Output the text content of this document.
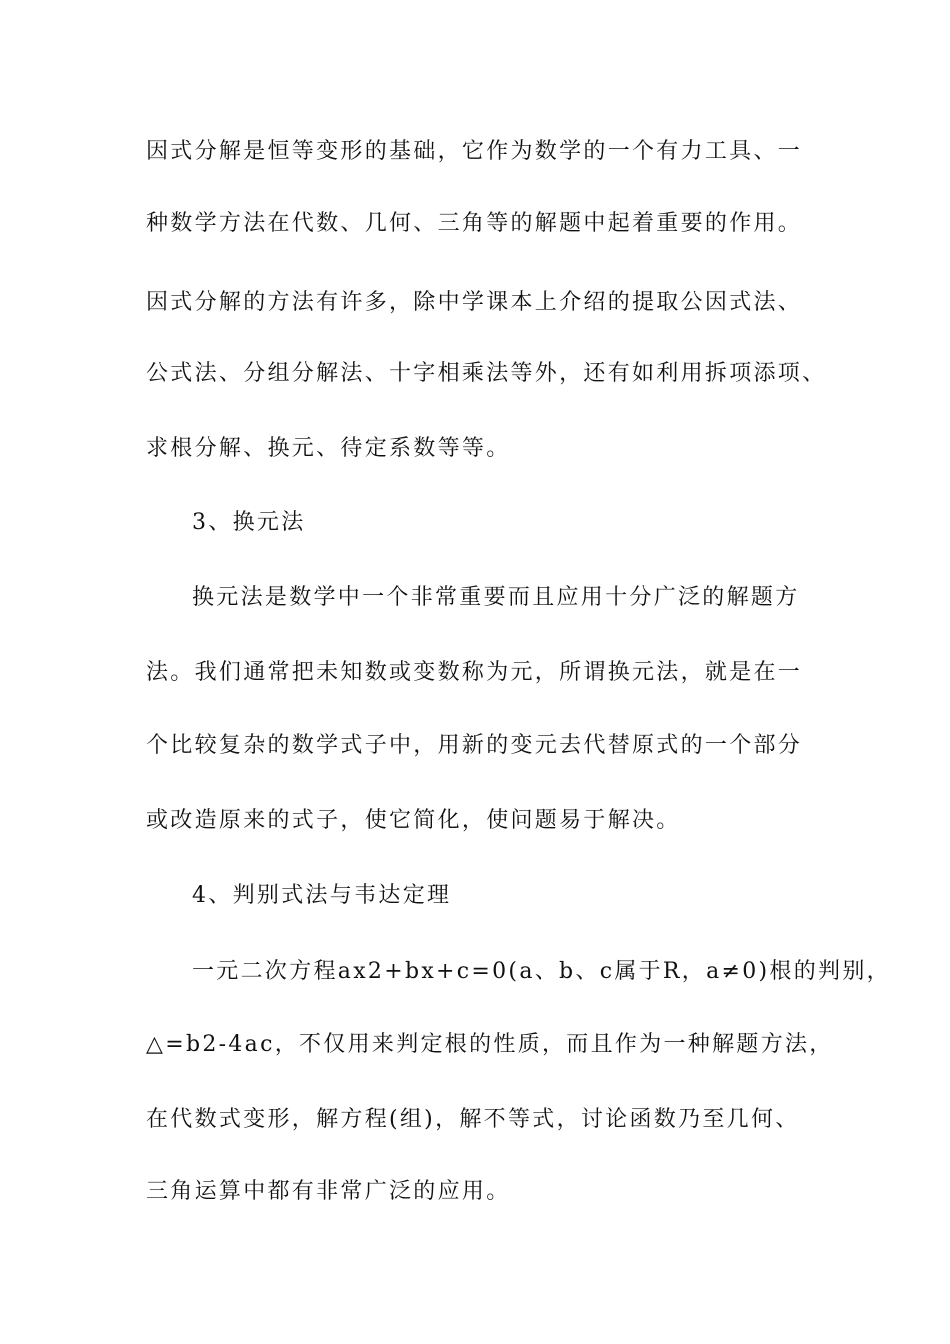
因式分解是恒等变形的基础，它作为数学的一个有力工具、一
种数学方法在代数、几何、三角等的解题中起着重要的作用。
因式分解的方法有许多，除中学课本上介绍的提取公因式法、
公式法、分组分解法、十字相乘法等外，还有如利用拆项添项、
求根分解、换元、待定系数等等。
3、换元法
换元法是数学中一个非常重要而且应用十分广泛的解题方
法。我们通常把未知数或变数称为元，所谓换元法，就是在一
个比较复杂的数学式子中，用新的变元去代替原式的一个部分
或改造原来的式子，使它简化，使问题易于解决。
4、判别式法与韦达定理
一元二次方程ax2+bx+c=0(a、b、c属于R，a≠0)根的判别，
△=b2-4ac，不仅用来判定根的性质，而且作为一种解题方法，
在代数式变形，解方程(组)，解不等式，讨论函数乃至几何、
三角运算中都有非常广泛的应用。
